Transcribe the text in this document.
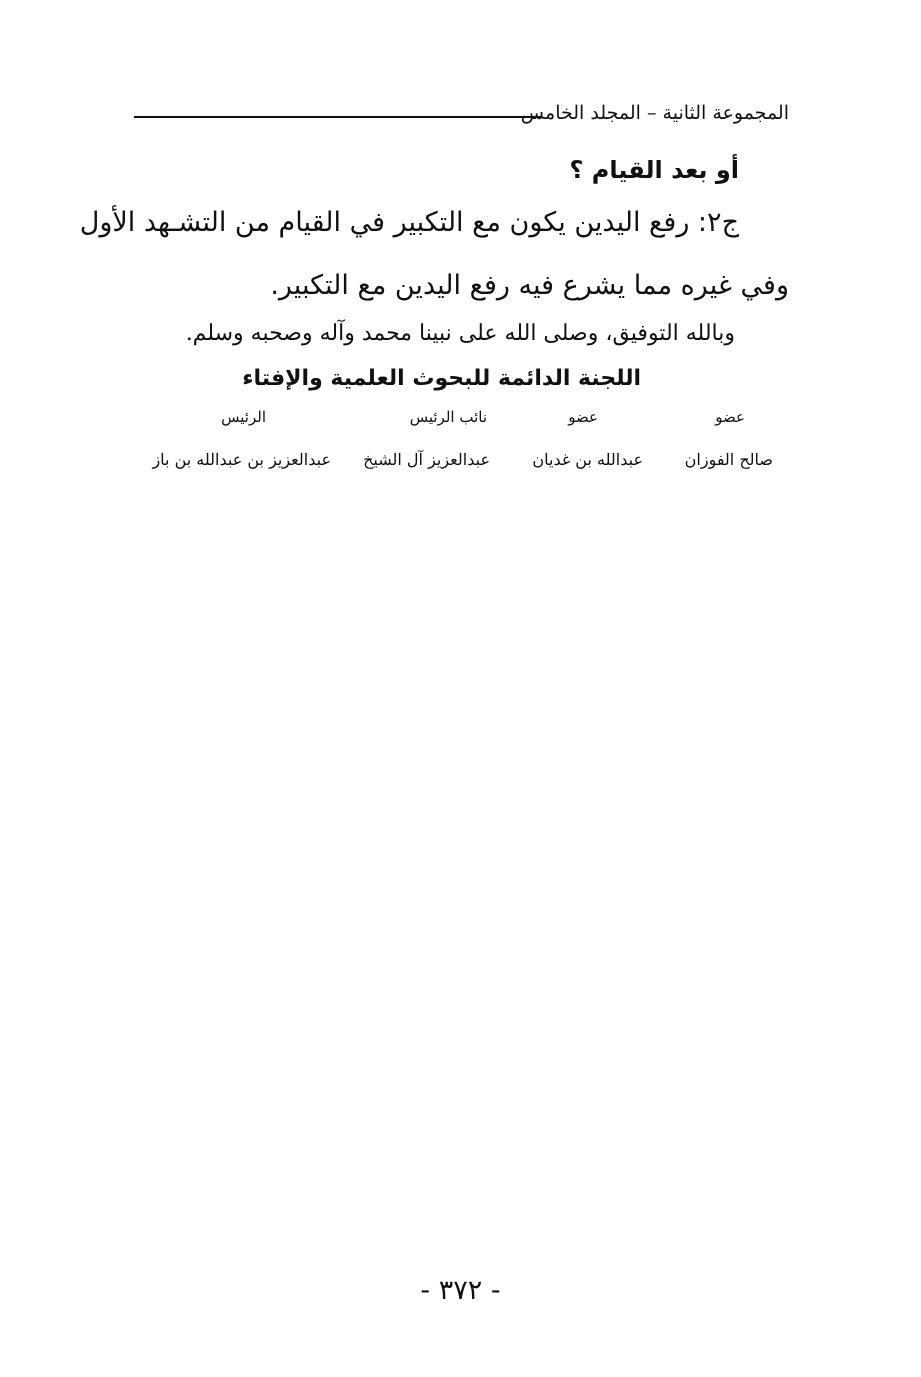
المجموعة الثانية – المجلد الخامس
أو بعد القيام ؟
ج٢: رفع اليدين يكون مع التكبير في القيام من التشـهد الأول
وفي غيره مما يشرع فيه رفع اليدين مع التكبير.
وبالله التوفيق، وصلى الله على نبينا محمد وآله وصحبه وسلم.
اللجنة الدائمة للبحوث العلمية والإفتاء
عضو
عضو
نائب الرئيس
الرئيس
صالح الفوزان
عبدالله بن غديان
عبدالعزيز آل الشيخ
عبدالعزيز بن عبدالله بن باز
- ٣٧٢ -
